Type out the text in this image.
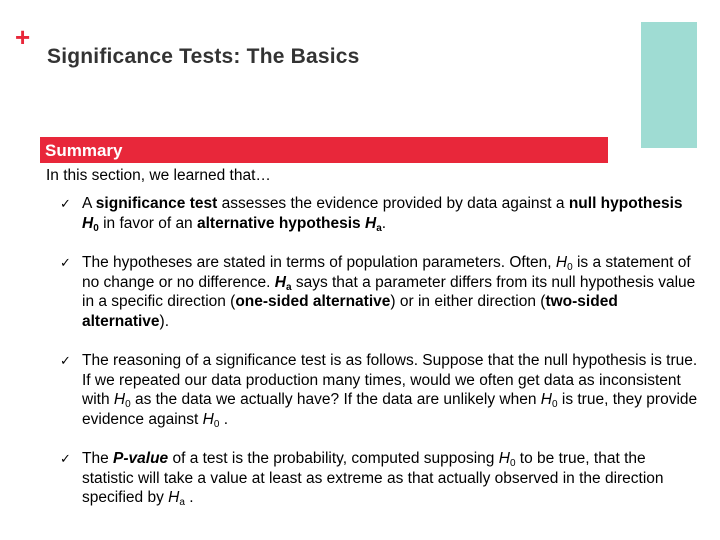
+
Significance Tests: The Basics
Summary
In this section, we learned that…
✓ A significance test assesses the evidence provided by data against a null hypothesis $H_0$ in favor of an alternative hypothesis $H_a$.
✓ The hypotheses are stated in terms of population parameters. Often, $H_0$ is a statement of no change or no difference. $H_a$ says that a parameter differs from its null hypothesis value in a specific direction (one-sided alternative) or in either direction (two-sided alternative).
✓ The reasoning of a significance test is as follows. Suppose that the null hypothesis is true. If we repeated our data production many times, would we often get data as inconsistent with $H_0$ as the data we actually have? If the data are unlikely when $H_0$ is true, they provide evidence against $H_0$ .
✓ The P-value of a test is the probability, computed supposing $H_0$ to be true, that the statistic will take a value at least as extreme as that actually observed in the direction specified by $H_a$ .
